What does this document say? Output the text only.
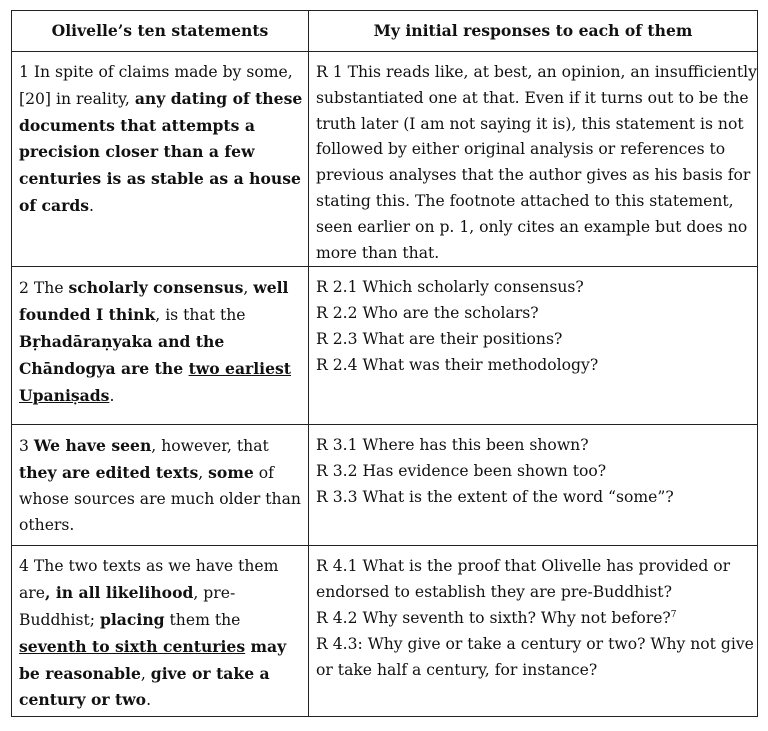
Olivelle’s ten statements	My initial responses to each of them

1 In spite of claims made by some,[20] in reality, any dating of these documents that attempts a precision closer than a few centuries is as stable as a house of cards.	R 1 This reads like, at best, an opinion, an insufficiently substantiated one at that. Even if it turns out to be the truth later (I am not saying it is), this statement is not followed by either original analysis or references to previous analyses that the author gives as his basis for stating this. The footnote attached to this statement, seen earlier on p. 1, only cites an example but does no more than that.

2 The scholarly consensus, well founded I think, is that the Bṛhadāraṇyaka and the Chāndogya are the two earliest Upaniṣads.	R 2.1 Which scholarly consensus?
R 2.2 Who are the scholars?
R 2.3 What are their positions?
R 2.4 What was their methodology?

3 We have seen, however, that they are edited texts, some of whose sources are much older than others.	R 3.1 Where has this been shown?
R 3.2 Has evidence been shown too?
R 3.3 What is the extent of the word “some”?

4 The two texts as we have them are, in all likelihood, pre-Buddhist; placing them the seventh to sixth centuries may be reasonable, give or take a century or two.	R 4.1 What is the proof that Olivelle has provided or endorsed to establish they are pre-Buddhist?
R 4.2 Why seventh to sixth? Why not before?$^7$
R 4.3: Why give or take a century or two? Why not give or take half a century, for instance?
